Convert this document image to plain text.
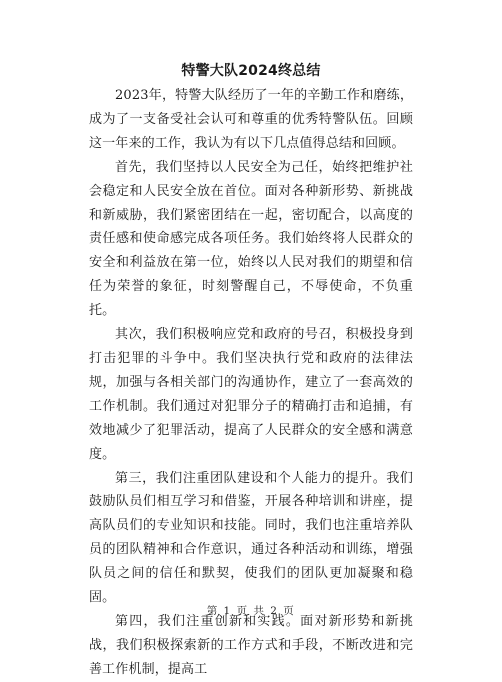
特警大队2024终总结

2023年，特警大队经历了一年的辛勤工作和磨练，成为了一支备受社会认可和尊重的优秀特警队伍。回顾这一年来的工作，我认为有以下几点值得总结和回顾。

首先，我们坚持以人民安全为己任，始终把维护社会稳定和人民安全放在首位。面对各种新形势、新挑战和新威胁，我们紧密团结在一起，密切配合，以高度的责任感和使命感完成各项任务。我们始终将人民群众的安全和利益放在第一位，始终以人民对我们的期望和信任为荣誉的象征，时刻警醒自己，不辱使命，不负重托。

其次，我们积极响应党和政府的号召，积极投身到打击犯罪的斗争中。我们坚决执行党和政府的法律法规，加强与各相关部门的沟通协作，建立了一套高效的工作机制。我们通过对犯罪分子的精确打击和追捕，有效地减少了犯罪活动，提高了人民群众的安全感和满意度。

第三，我们注重团队建设和个人能力的提升。我们鼓励队员们相互学习和借鉴，开展各种培训和讲座，提高队员们的专业知识和技能。同时，我们也注重培养队员的团队精神和合作意识，通过各种活动和训练，增强队员之间的信任和默契，使我们的团队更加凝聚和稳固。

第四，我们注重创新和实践。面对新形势和新挑战，我们积极探索新的工作方式和手段，不断改进和完善工作机制，提高工

第 1 页 共 2 页
